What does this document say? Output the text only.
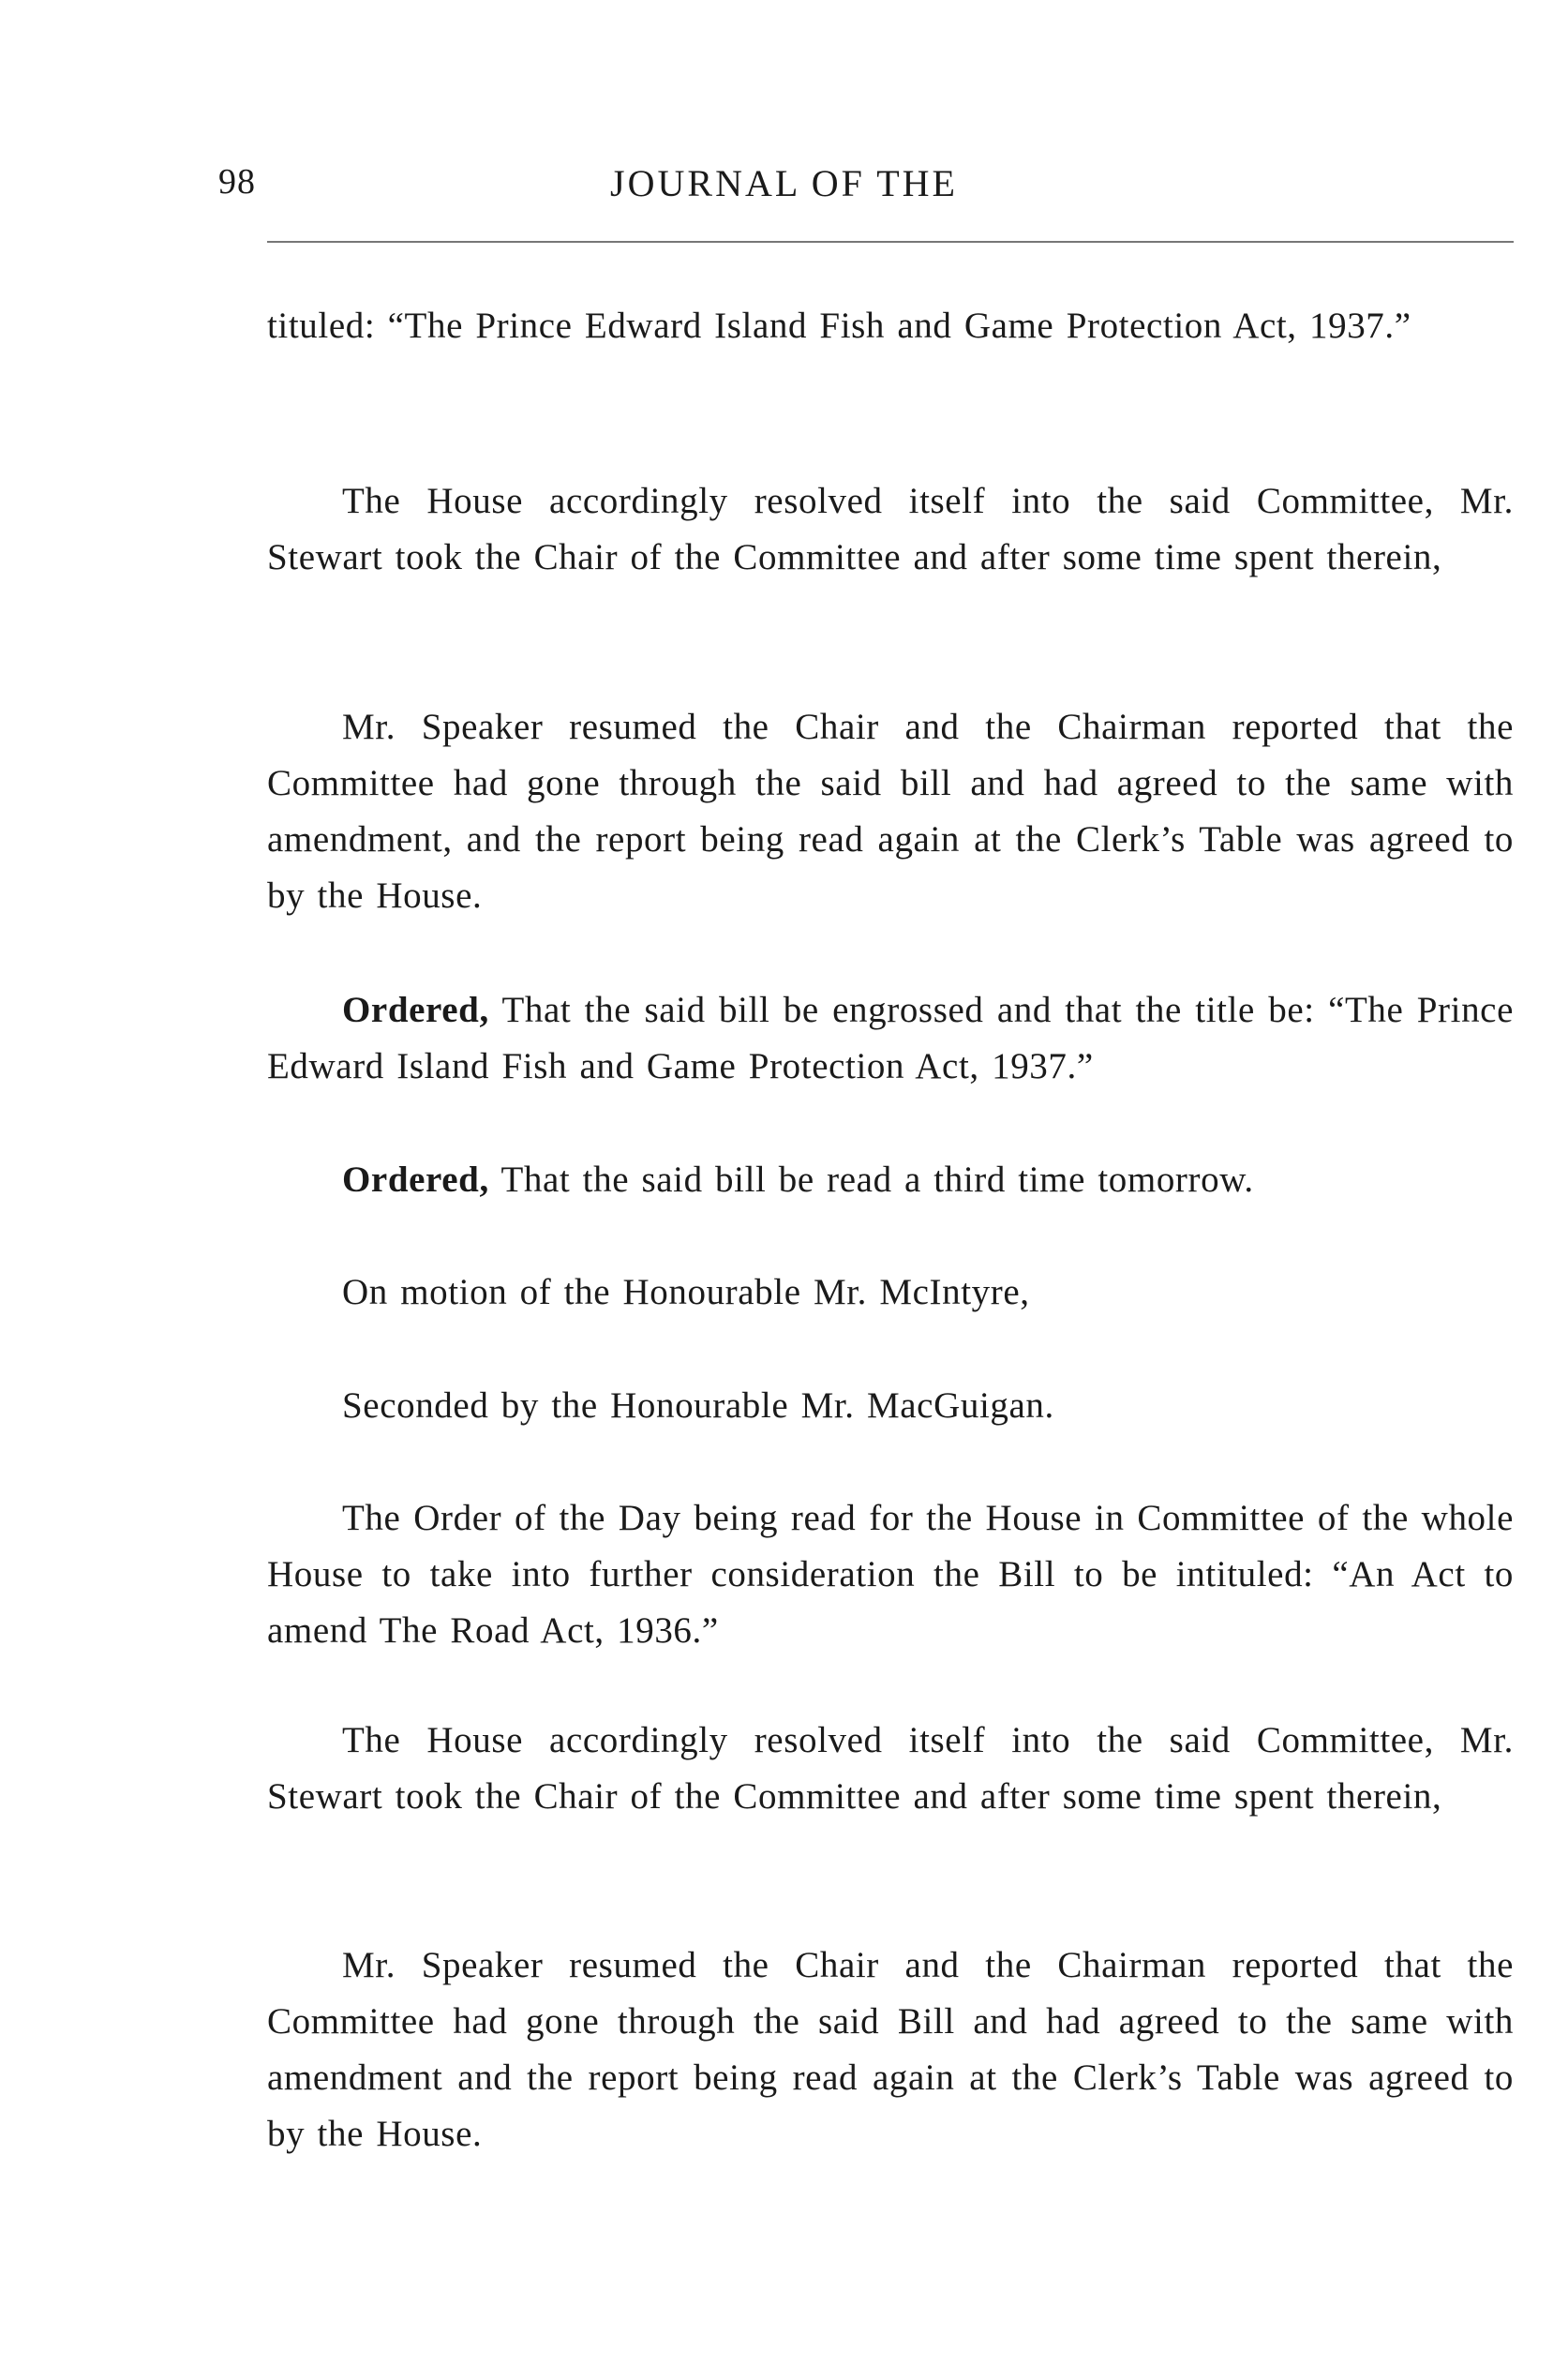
98	JOURNAL OF THE
tituled: “The Prince Edward Island Fish and Game Protection Act, 1937.”
The House accordingly resolved itself into the said Committee, Mr. Stewart took the Chair of the Committee and after some time spent therein,
Mr. Speaker resumed the Chair and the Chairman reported that the Committee had gone through the said bill and had agreed to the same with amendment, and the report being read again at the Clerk’s Table was agreed to by the House.
Ordered, That the said bill be engrossed and that the title be: “The Prince Edward Island Fish and Game Protection Act, 1937.”
Ordered, That the said bill be read a third time tomorrow.
On motion of the Honourable Mr. McIntyre,
Seconded by the Honourable Mr. MacGuigan.
The Order of the Day being read for the House in Committee of the whole House to take into further consideration the Bill to be intituled: “An Act to amend The Road Act, 1936.”
The House accordingly resolved itself into the said Committee, Mr. Stewart took the Chair of the Committee and after some time spent therein,
Mr. Speaker resumed the Chair and the Chairman reported that the Committee had gone through the said Bill and had agreed to the same with amendment and the report being read again at the Clerk’s Table was agreed to by the House.
